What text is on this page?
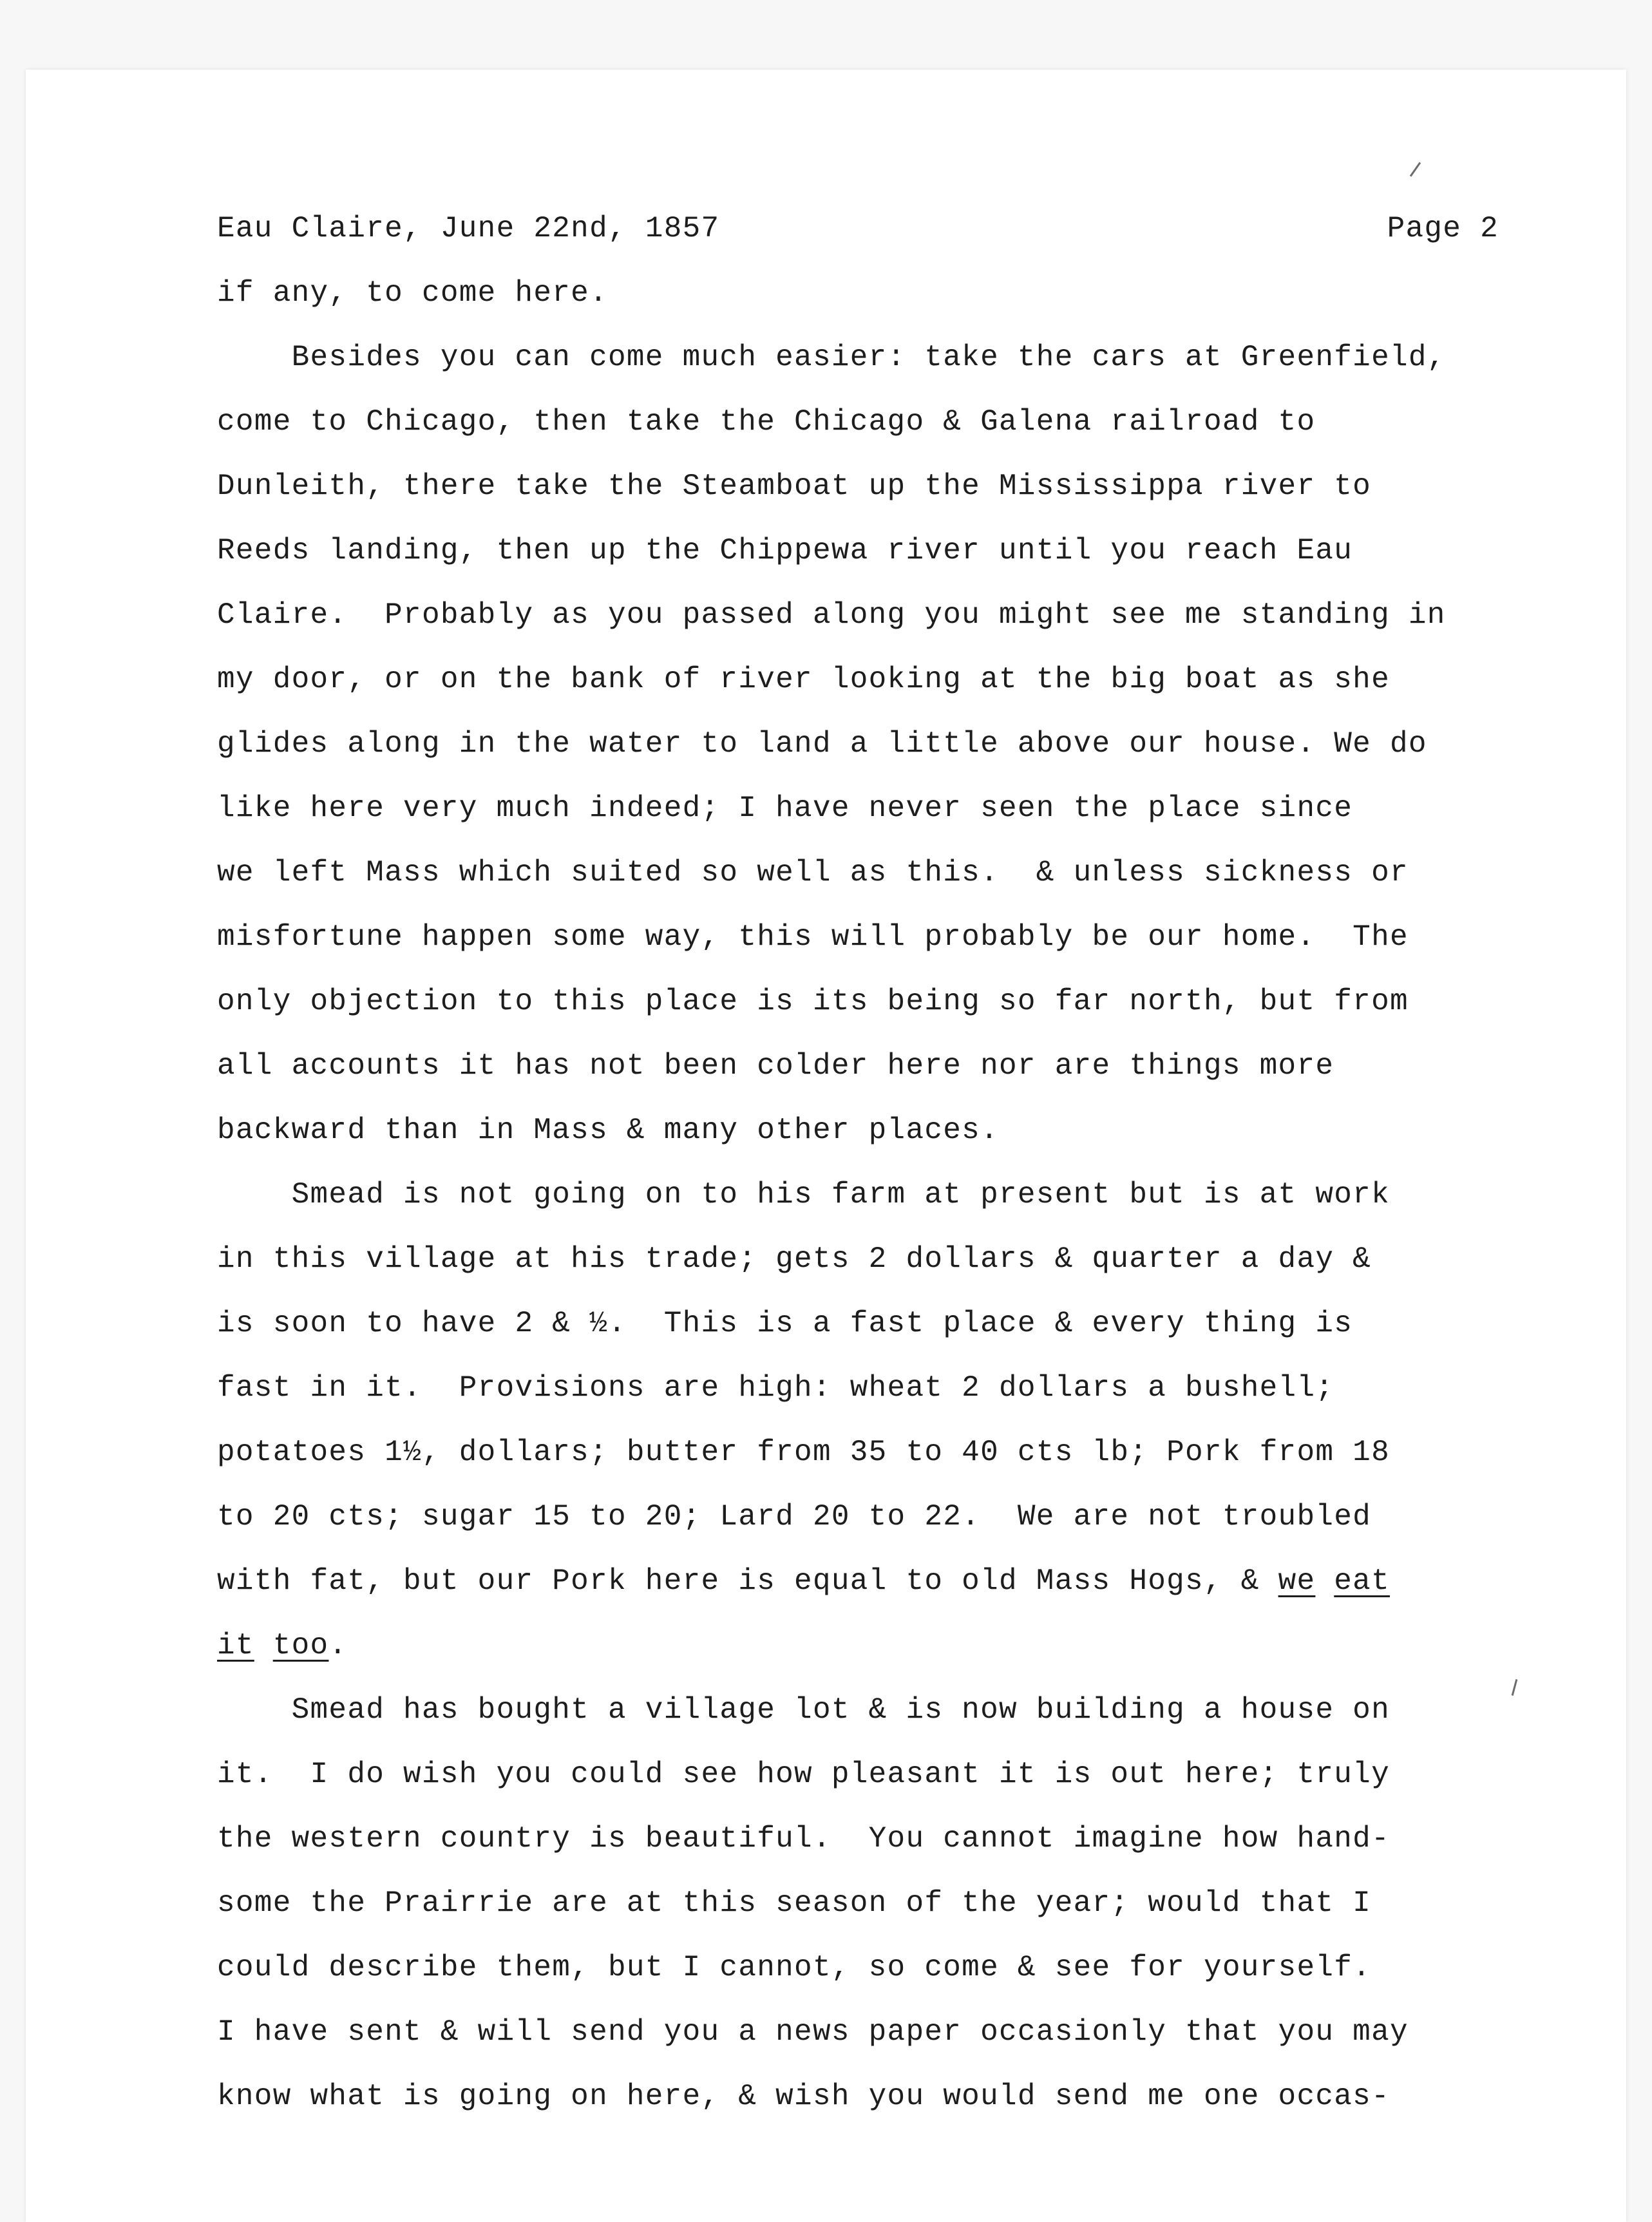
Eau Claire, June 22nd, 1857	Page 2
if any, to come here.
Besides you can come much easier: take the cars at Greenfield,
come to Chicago, then take the Chicago & Galena railroad to
Dunleith, there take the Steamboat up the Mississippa river to
Reeds landing, then up the Chippewa river until you reach Eau
Claire.  Probably as you passed along you might see me standing in
my door, or on the bank of river looking at the big boat as she
glides along in the water to land a little above our house. We do
like here very much indeed; I have never seen the place since
we left Mass which suited so well as this.  & unless sickness or
misfortune happen some way, this will probably be our home.  The
only objection to this place is its being so far north, but from
all accounts it has not been colder here nor are things more
backward than in Mass & many other places.
Smead is not going on to his farm at present but is at work
in this village at his trade; gets 2 dollars & quarter a day &
is soon to have 2 & ½.  This is a fast place & every thing is
fast in it.  Provisions are high: wheat 2 dollars a bushell;
potatoes 1½, dollars; butter from 35 to 40 cts lb; Pork from 18
to 20 cts; sugar 15 to 20; Lard 20 to 22.  We are not troubled
with fat, but our Pork here is equal to old Mass Hogs, & we eat
it too.
Smead has bought a village lot & is now building a house on
it.  I do wish you could see how pleasant it is out here; truly
the western country is beautiful.  You cannot imagine how hand-
some the Prairrie are at this season of the year; would that I
could describe them, but I cannot, so come & see for yourself.
I have sent & will send you a news paper occasionly that you may
know what is going on here, & wish you would send me one occas-
